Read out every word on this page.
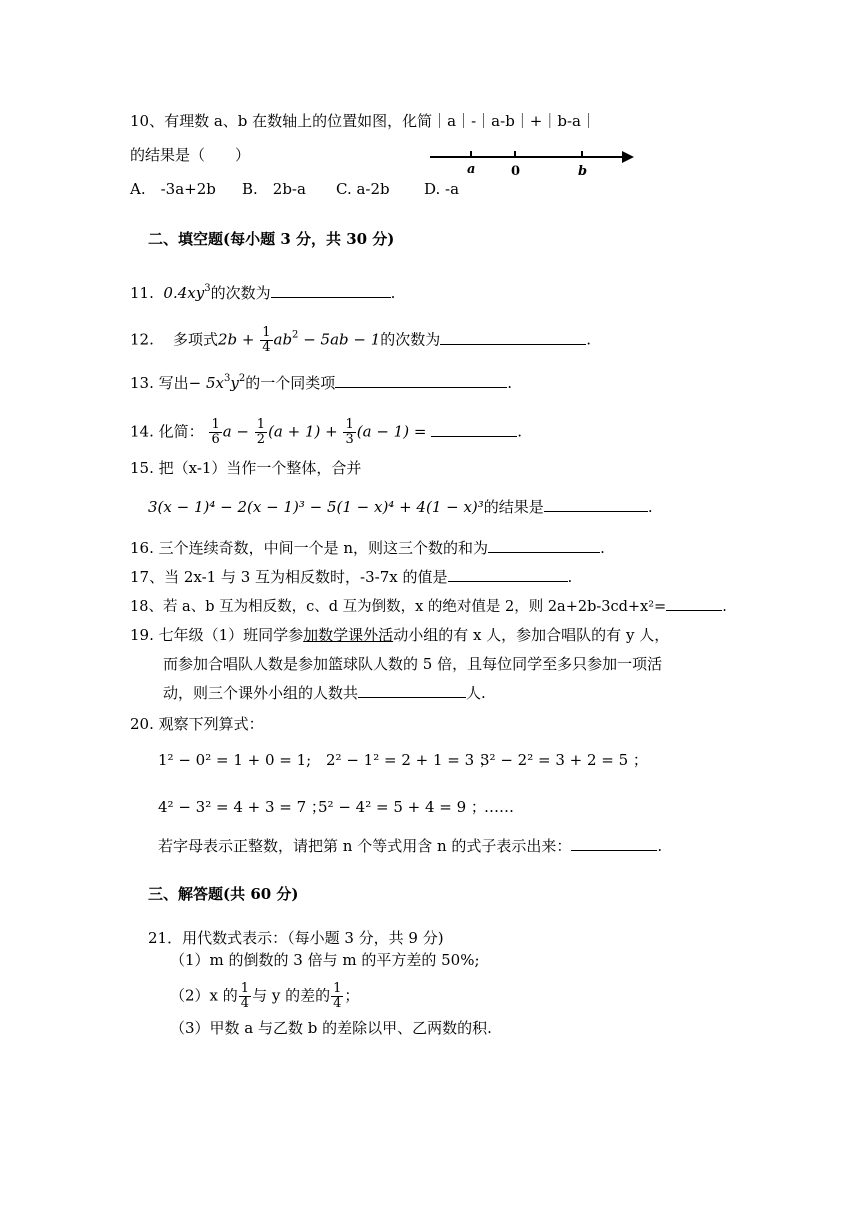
10、有理数 a、b 在数轴上的位置如图，化简｜a｜-｜a-b｜+｜b-a｜
的结果是（　　）
a	0	b
A.　-3a+2b B.　2b-a C. a-2b D. -a
二、填空题(每小题 3 分，共 30 分)
11. $0.4xy^3$的次数为	.
12. 多项式$2b + \frac{1}{4} ab^2 - 5ab - 1$的次数为	.
13. 写出− $5x^3y^2$的一个同类项	.
14. 化简： $\frac{1}{6}$ $a - \frac{1}{2} (a + 1) + \frac{1}{3} (a - 1)$ =	.
15. 把（x-1）当作一个整体，合并
3(x − 1)⁴ − 2(x − 1)³ − 5(1 − x)⁴ + 4(1 − x)³的结果是	.
16. 三个连续奇数，中间一个是 n，则这三个数的和为	.
17、当 2x-1 与 3 互为相反数时，-3-7x 的值是	.
18、若 a、b 互为相反数，c、d 互为倒数，x 的绝对值是 2，则 2a+2b-3cd+x²=	.
19. 七年级（1）班同学参加数学课外活动小组的有 x 人，参加合唱队的有 y 人，
而参加合唱队人数是参加篮球队人数的 5 倍，且每位同学至多只参加一项活
动，则三个课外小组的人数共	人.
20. 观察下列算式：
1² − 0² = 1 + 0 = 1; 2² − 1² = 2 + 1 = 3 ；
3² − 2² = 3 + 2 = 5 ；
4² − 3² = 4 + 3 = 7 ；
5² − 4² = 5 + 4 = 9 ；
……
若字母表示正整数，请把第 n 个等式用含 n 的式子表示出来：	.
三、解答题(共 60 分)
21．用代数式表示：（每小题 3 分，共 9 分)
（1）m 的倒数的 3 倍与 m 的平方差的 50%;
（2）x 的 $\frac{1}{4}$ 与 y 的差的 $\frac{1}{4}$ ；
（3）甲数 a 与乙数 b 的差除以甲、乙两数的积.
